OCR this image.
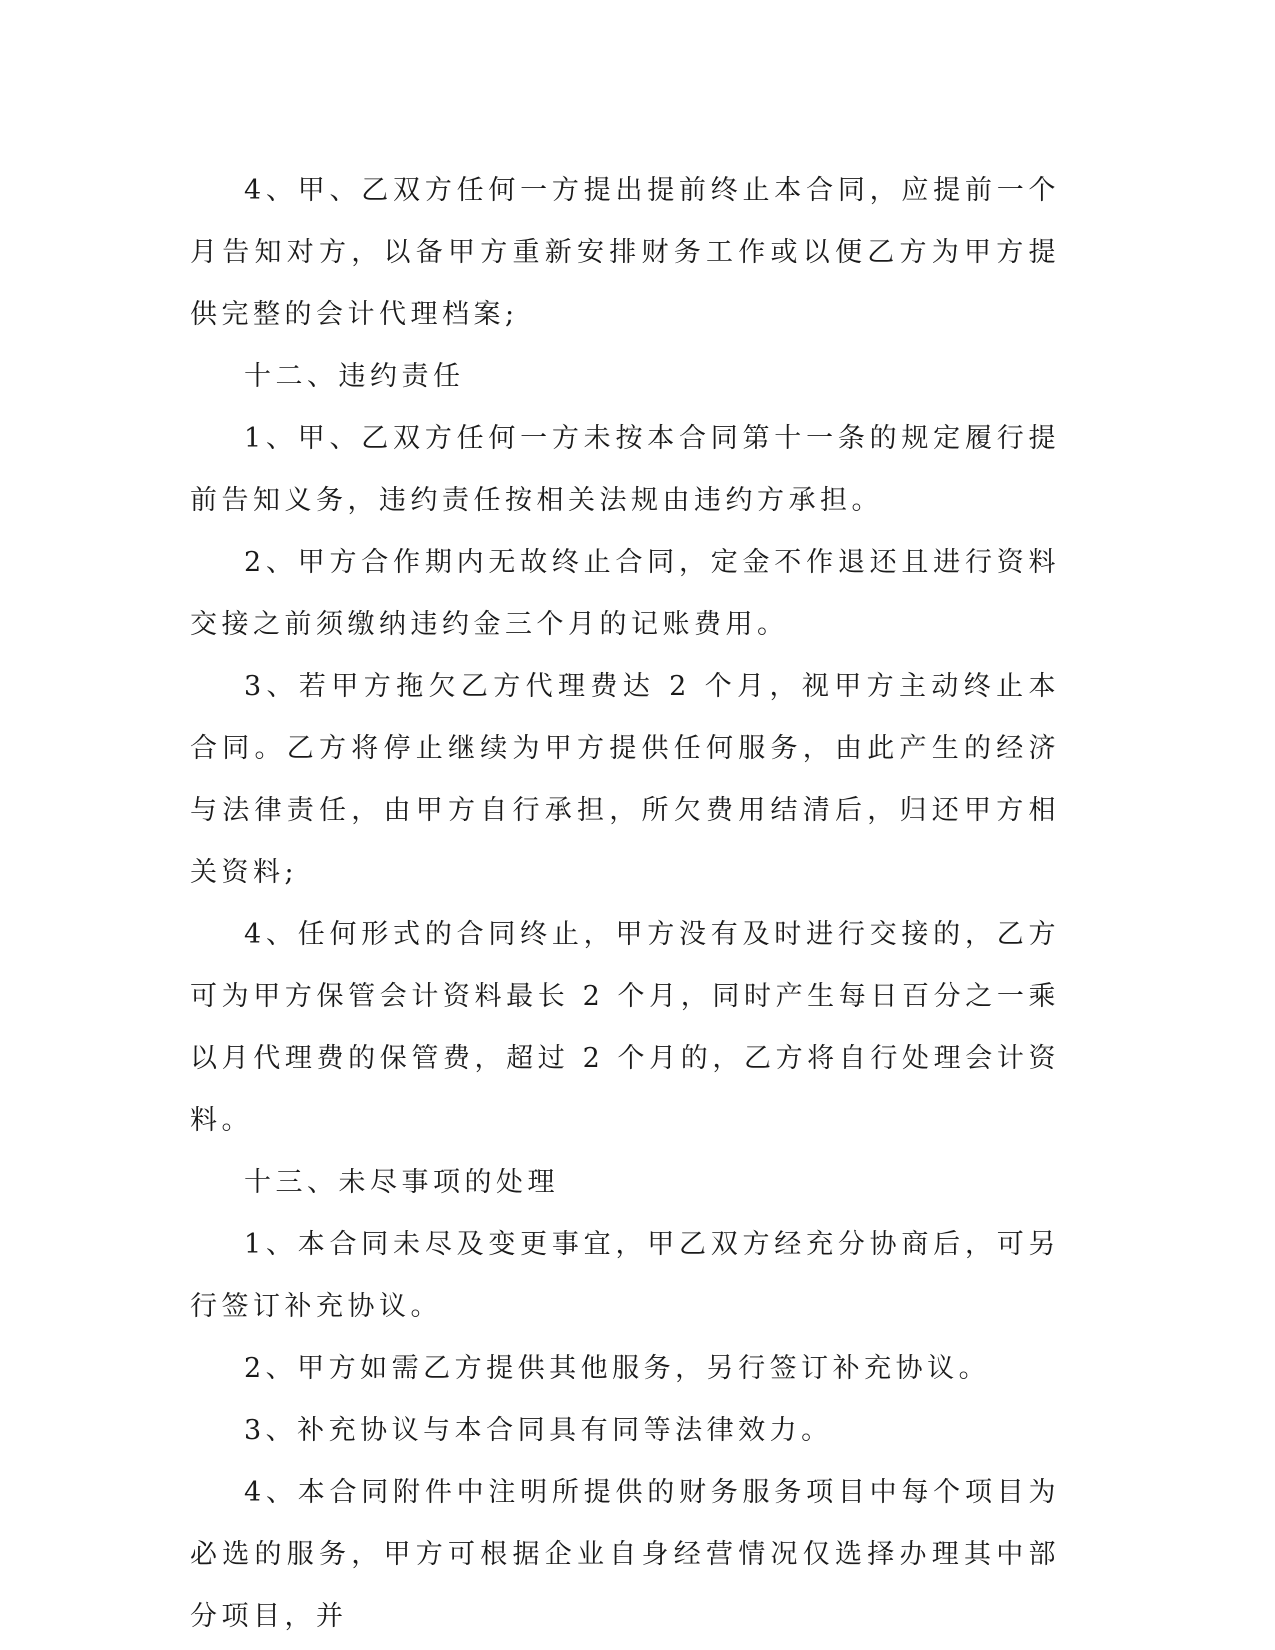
4、甲、乙双方任何一方提出提前终止本合同，应提前一个月告知对方，以备甲方重新安排财务工作或以便乙方为甲方提供完整的会计代理档案;

十二、违约责任

1、甲、乙双方任何一方未按本合同第十一条的规定履行提前告知义务，违约责任按相关法规由违约方承担。

2、甲方合作期内无故终止合同，定金不作退还且进行资料交接之前须缴纳违约金三个月的记账费用。

3、若甲方拖欠乙方代理费达 2 个月，视甲方主动终止本合同。乙方将停止继续为甲方提供任何服务，由此产生的经济与法律责任，由甲方自行承担，所欠费用结清后，归还甲方相关资料;

4、任何形式的合同终止，甲方没有及时进行交接的，乙方可为甲方保管会计资料最长 2 个月，同时产生每日百分之一乘以月代理费的保管费，超过 2 个月的，乙方将自行处理会计资料。

十三、未尽事项的处理

1、本合同未尽及变更事宜，甲乙双方经充分协商后，可另行签订补充协议。

2、甲方如需乙方提供其他服务，另行签订补充协议。

3、补充协议与本合同具有同等法律效力。

4、本合同附件中注明所提供的财务服务项目中每个项目为必选的服务，甲方可根据企业自身经营情况仅选择办理其中部分项目，并
